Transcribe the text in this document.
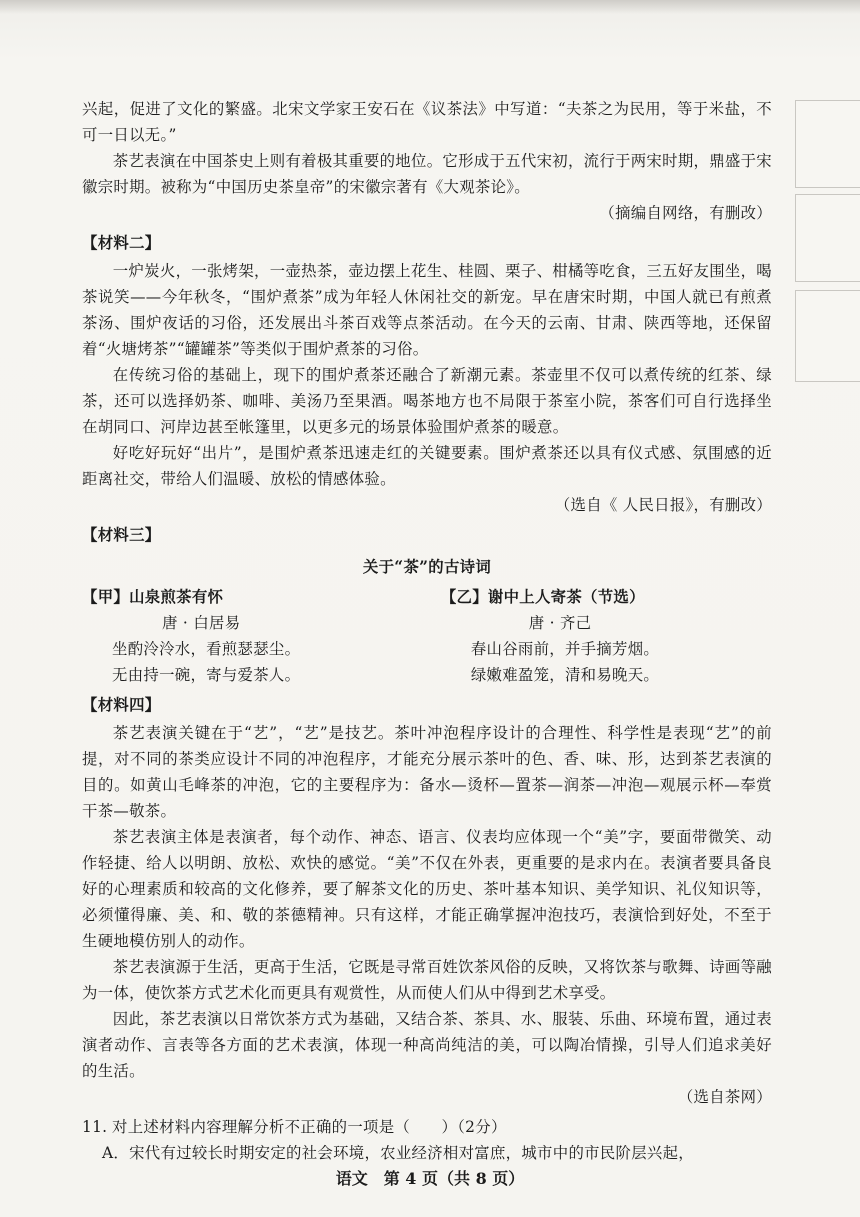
兴起，促进了文化的繁盛。北宋文学家王安石在《议茶法》中写道：“夫茶之为民用，等于米盐，不可一日以无。”

茶艺表演在中国茶史上则有着极其重要的地位。它形成于五代宋初，流行于两宋时期，鼎盛于宋徽宗时期。被称为“中国历史茶皇帝”的宋徽宗著有《大观茶论》。

（摘编自网络，有删改）

【材料二】

一炉炭火，一张烤架，一壶热茶，壶边摆上花生、桂圆、栗子、柑橘等吃食，三五好友围坐，喝茶说笑——今年秋冬，“围炉煮茶”成为年轻人休闲社交的新宠。早在唐宋时期，中国人就已有煎煮茶汤、围炉夜话的习俗，还发展出斗茶百戏等点茶活动。在今天的云南、甘肃、陕西等地，还保留着“火塘烤茶”“罐罐茶”等类似于围炉煮茶的习俗。

在传统习俗的基础上，现下的围炉煮茶还融合了新潮元素。茶壶里不仅可以煮传统的红茶、绿茶，还可以选择奶茶、咖啡、美汤乃至果酒。喝茶地方也不局限于茶室小院，茶客们可自行选择坐在胡同口、河岸边甚至帐篷里，以更多元的场景体验围炉煮茶的暖意。

好吃好玩好“出片”，是围炉煮茶迅速走红的关键要素。围炉煮茶还以具有仪式感、氛围感的近距离社交，带给人们温暖、放松的情感体验。

（选自《 人民日报》，有删改）

【材料三】

关于“茶”的古诗词

【甲】山泉煎茶有怀
唐 · 白居易
坐酌泠泠水，看煎瑟瑟尘。
无由持一碗，寄与爱茶人。
【乙】谢中上人寄茶（节选）
唐 · 齐己
春山谷雨前，并手摘芳烟。
绿嫩难盈笼，清和易晚天。

【材料四】

茶艺表演关键在于“艺”，“艺”是技艺。茶叶冲泡程序设计的合理性、科学性是表现“艺”的前提，对不同的茶类应设计不同的冲泡程序，才能充分展示茶叶的色、香、味、形，达到茶艺表演的目的。如黄山毛峰茶的冲泡，它的主要程序为：备水—烫杯—置茶—润茶—冲泡—观展示杯—奉赏干茶—敬茶。

茶艺表演主体是表演者，每个动作、神态、语言、仪表均应体现一个“美”字，要面带微笑、动作轻捷、给人以明朗、放松、欢快的感觉。“美”不仅在外表，更重要的是求内在。表演者要具备良好的心理素质和较高的文化修养，要了解茶文化的历史、茶叶基本知识、美学知识、礼仪知识等，必须懂得廉、美、和、敬的茶德精神。只有这样，才能正确掌握冲泡技巧，表演恰到好处，不至于生硬地模仿别人的动作。

茶艺表演源于生活，更高于生活，它既是寻常百姓饮茶风俗的反映，又将饮茶与歌舞、诗画等融为一体，使饮茶方式艺术化而更具有观赏性，从而使人们从中得到艺术享受。

因此，茶艺表演以日常饮茶方式为基础，又结合茶、茶具、水、服装、乐曲、环境布置，通过表演者动作、言表等各方面的艺术表演，体现一种高尚纯洁的美，可以陶冶情操，引导人们追求美好的生活。

（选自茶网）

11. 对上述材料内容理解分析不正确的一项是（　　）（2分）
A．宋代有过较长时期安定的社会环境，农业经济相对富庶，城市中的市民阶层兴起，
语文　第 4 页（共 8 页）
